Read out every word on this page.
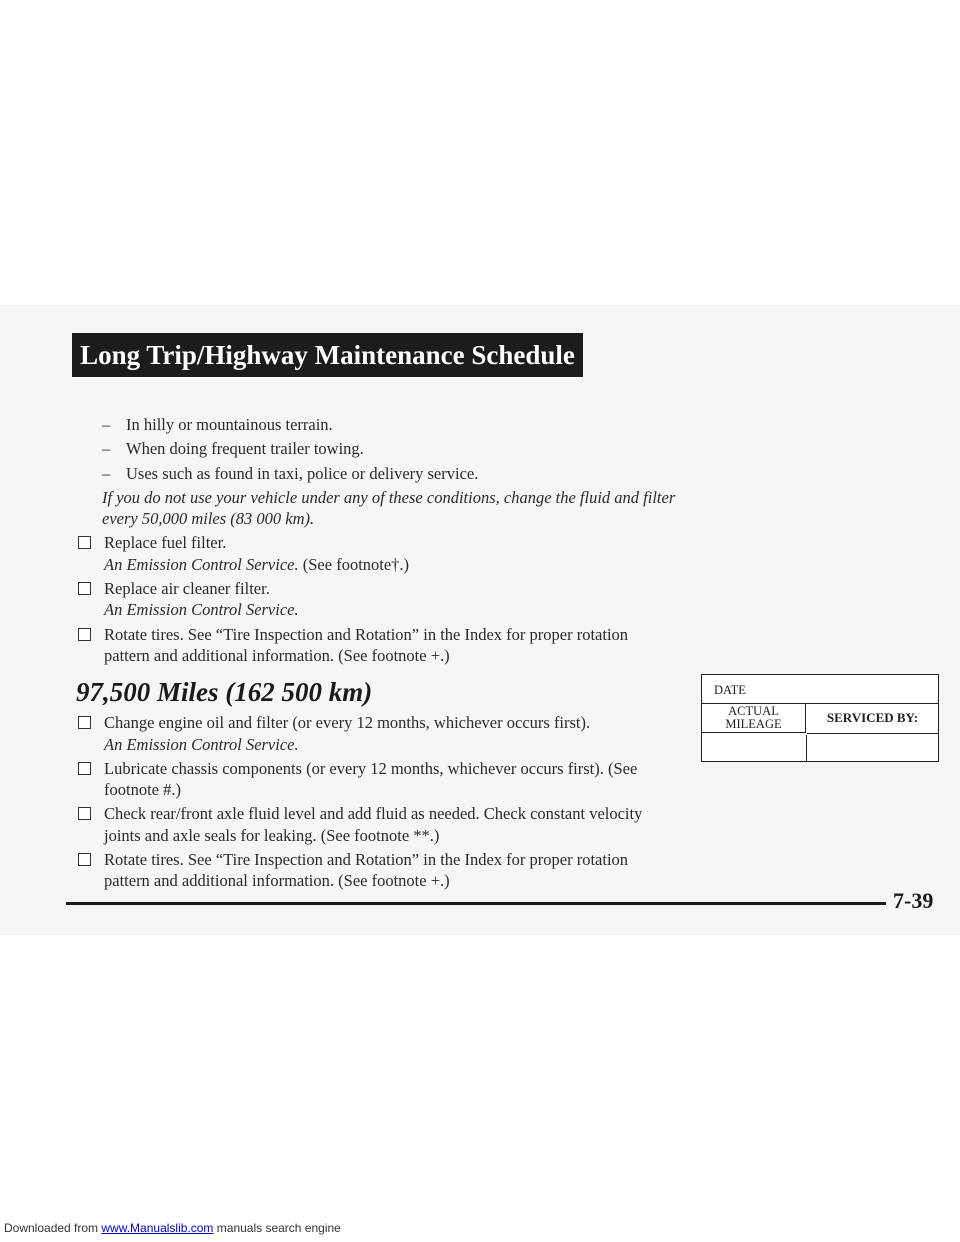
Long Trip/Highway Maintenance Schedule
– In hilly or mountainous terrain.
– When doing frequent trailer towing.
– Uses such as found in taxi, police or delivery service.
If you do not use your vehicle under any of these conditions, change the fluid and filter every 50,000 miles (83 000 km).
Replace fuel filter.
An Emission Control Service. (See footnote†.)
Replace air cleaner filter.
An Emission Control Service.
Rotate tires. See “Tire Inspection and Rotation” in the Index for proper rotation pattern and additional information. (See footnote +.)
97,500 Miles (162 500 km)
Change engine oil and filter (or every 12 months, whichever occurs first).
An Emission Control Service.
Lubricate chassis components (or every 12 months, whichever occurs first). (See footnote #.)
Check rear/front axle fluid level and add fluid as needed. Check constant velocity joints and axle seals for leaking. (See footnote **.)
Rotate tires. See “Tire Inspection and Rotation” in the Index for proper rotation pattern and additional information. (See footnote +.)
DATE
ACTUAL
MILEAGE	SERVICED BY:
7-39
Downloaded from www.Manualslib.com manuals search engine
